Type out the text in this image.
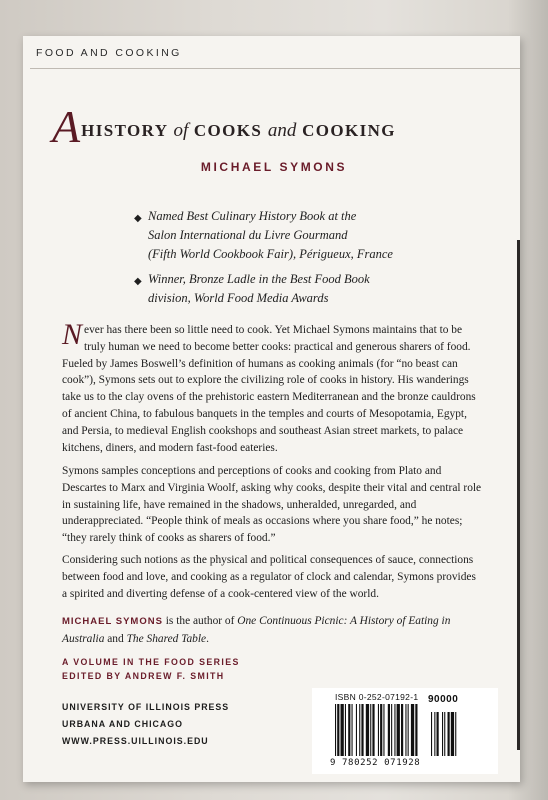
FOOD AND COOKING
AHISTORY of COOKS and COOKING
MICHAEL SYMONS
◆ Named Best Culinary History Book at the
Salon International du Livre Gourmand
(Fifth World Cookbook Fair), Périgueux, France
◆ Winner, Bronze Ladle in the Best Food Book
division, World Food Media Awards
Never has there been so little need to cook. Yet Michael Symons maintains that to be truly human we need to become better cooks: practical and generous sharers of food. Fueled by James Boswell’s definition of humans as cooking animals (for “no beast can cook”), Symons sets out to explore the civilizing role of cooks in history. His wanderings take us to the clay ovens of the prehistoric eastern Mediterranean and the bronze cauldrons of ancient China, to fabulous banquets in the temples and courts of Mesopotamia, Egypt, and Persia, to medieval English cookshops and southeast Asian street markets, to palace kitchens, diners, and modern fast-food eateries.
Symons samples conceptions and perceptions of cooks and cooking from Plato and Descartes to Marx and Virginia Woolf, asking why cooks, despite their vital and central role in sustaining life, have remained in the shadows, unheralded, unregarded, and underappreciated. “People think of meals as occasions where you share food,” he notes; “they rarely think of cooks as sharers of food.”
Considering such notions as the physical and political consequences of sauce, connections between food and love, and cooking as a regulator of clock and calendar, Symons provides a spirited and diverting defense of a cook-centered view of the world.
MICHAEL SYMONS is the author of One Continuous Picnic: A History of Eating in Australia and The Shared Table.
A VOLUME IN THE FOOD SERIES
EDITED BY ANDREW F. SMITH
UNIVERSITY OF ILLINOIS PRESS
URBANA AND CHICAGO
WWW.PRESS.UILLINOIS.EDU
ISBN 0-252-07192-1 90000
9 780252 071928
